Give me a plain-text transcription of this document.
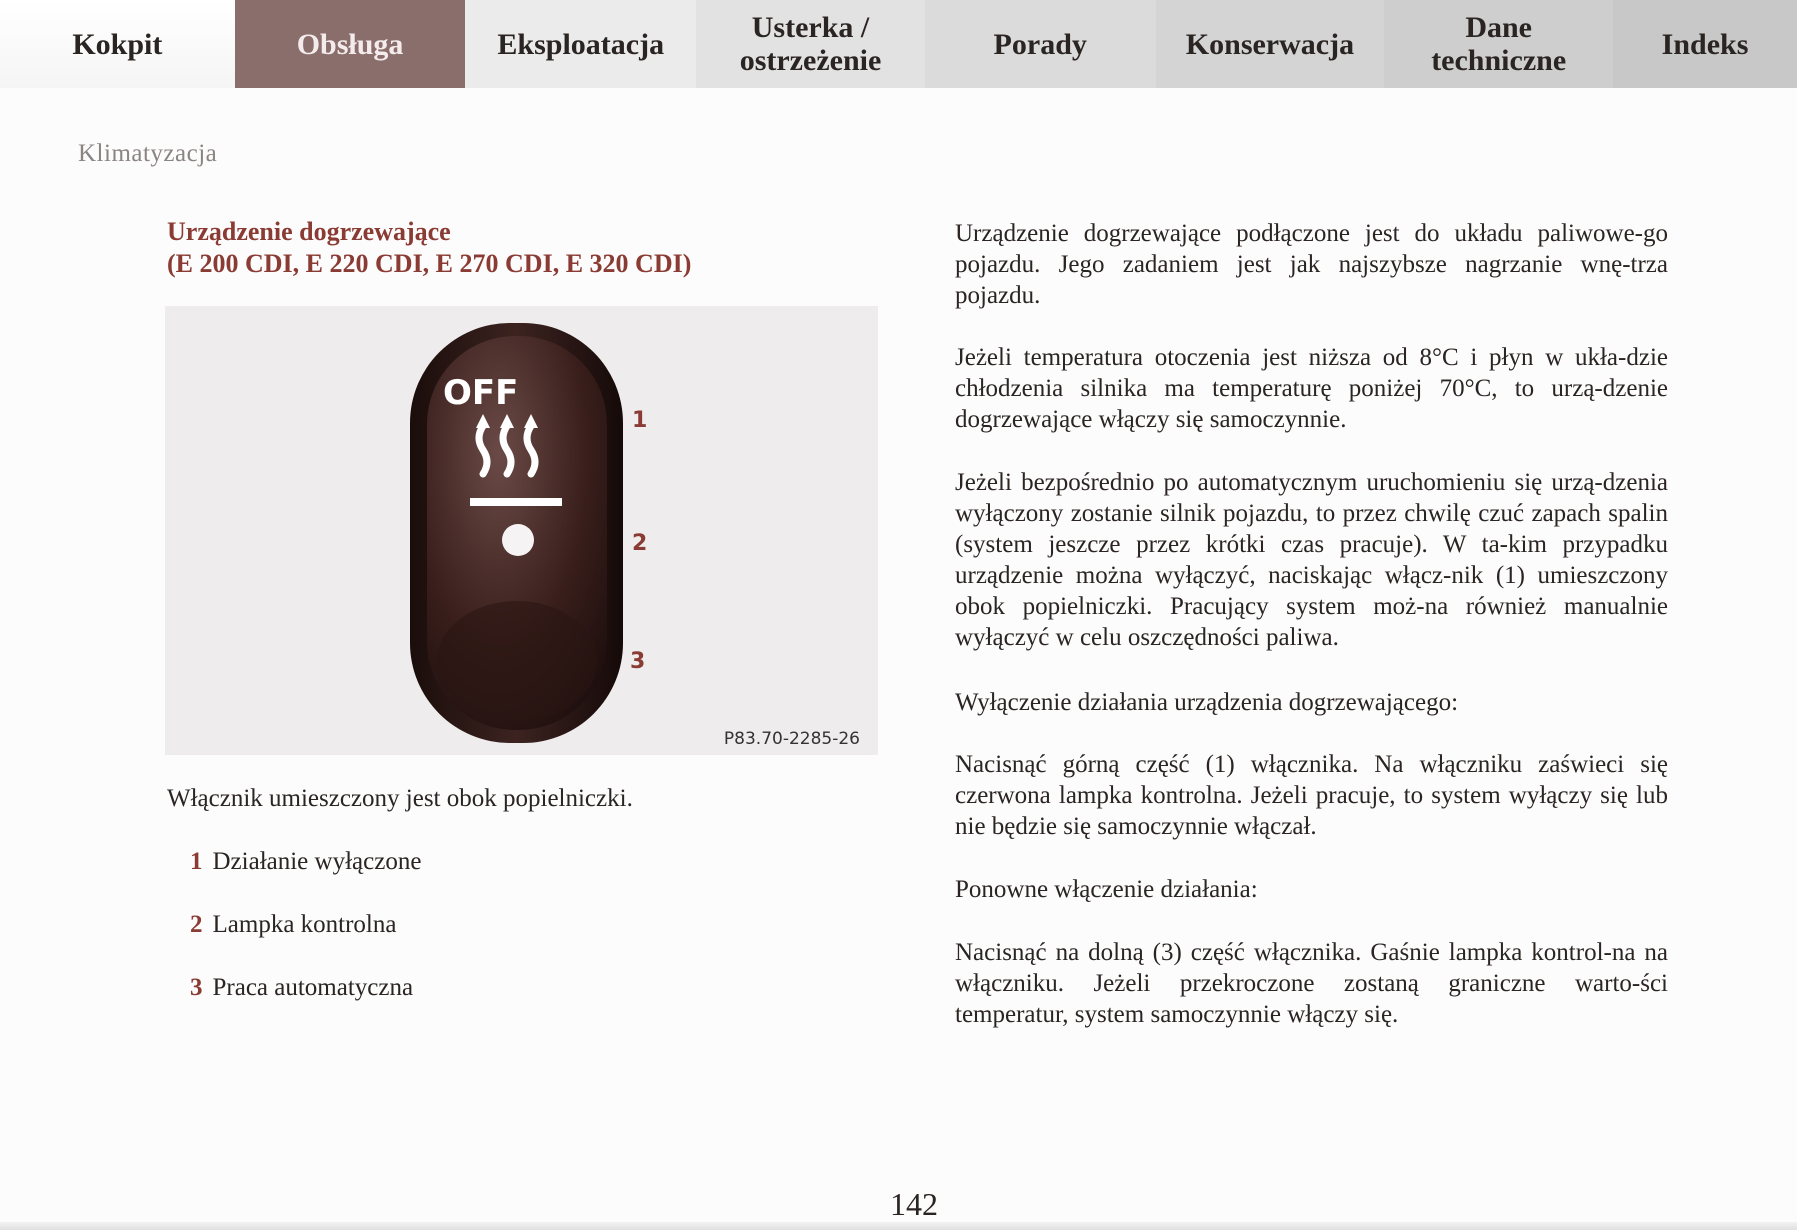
Kokpit	Obsługa	Eksploatacja	Usterka /
ostrzeżenie	Porady	Konserwacja	Dane
techniczne	Indeks
Klimatyzacja
Urządzenie dogrzewające
(E 200 CDI, E 220 CDI, E 270 CDI, E 320 CDI)
OFF
1
2
3
P83.70-2285-26
Włącznik umieszczony jest obok popielniczki.
1 Działanie wyłączone
2 Lampka kontrolna
3 Praca automatyczna

Urządzenie dogrzewające podłączone jest do układu paliwowe-go pojazdu. Jego zadaniem jest jak najszybsze nagrzanie wnę-trza pojazdu.

Jeżeli temperatura otoczenia jest niższa od 8°C i płyn w ukła-dzie chłodzenia silnika ma temperaturę poniżej 70°C, to urzą-dzenie dogrzewające włączy się samoczynnie.

Jeżeli bezpośrednio po automatycznym uruchomieniu się urzą-dzenia wyłączony zostanie silnik pojazdu, to przez chwilę czuć zapach spalin (system jeszcze przez krótki czas pracuje). W ta-kim przypadku urządzenie można wyłączyć, naciskając włącz-nik (1) umieszczony obok popielniczki. Pracujący system moż-na również manualnie wyłączyć w celu oszczędności paliwa.

Wyłączenie działania urządzenia dogrzewającego:

Nacisnąć górną część (1) włącznika. Na włączniku zaświeci się czerwona lampka kontrolna. Jeżeli pracuje, to system wyłączy się lub nie będzie się samoczynnie włączał.

Ponowne włączenie działania:

Nacisnąć na dolną (3) część włącznika. Gaśnie lampka kontrol-na na włączniku. Jeżeli przekroczone zostaną graniczne warto-ści temperatur, system samoczynnie włączy się.

142
